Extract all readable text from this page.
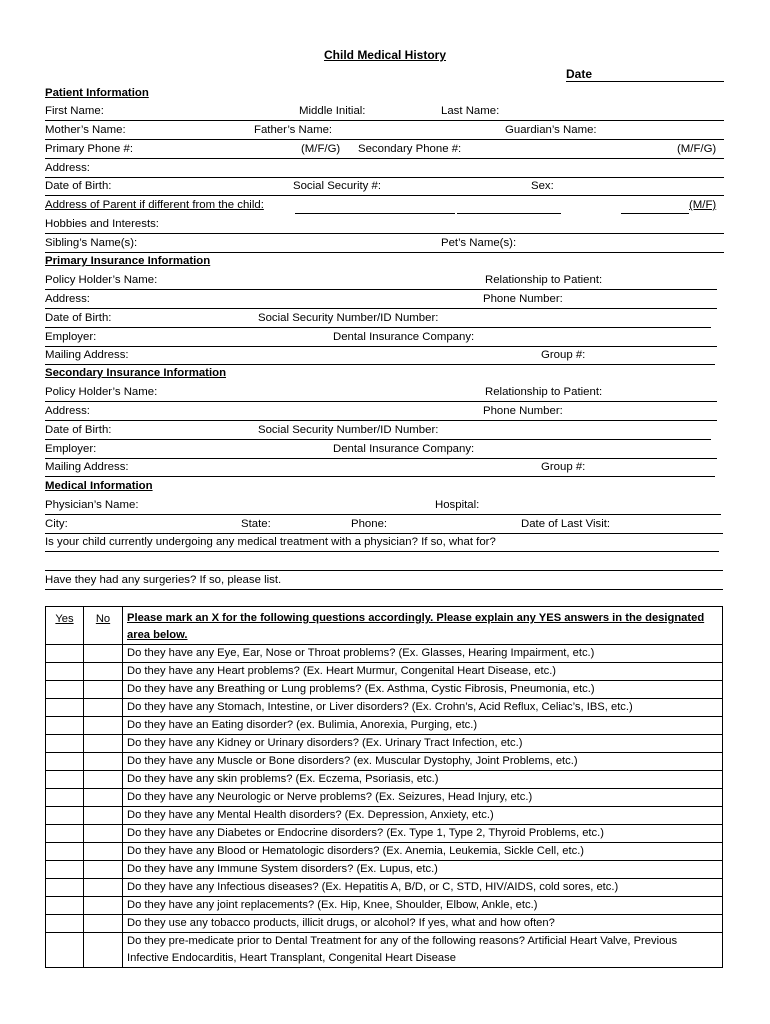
Child Medical History
Date
Patient Information
First Name:	Middle Initial:	Last Name:
Mother’s Name:	Father’s Name:	Guardian’s Name:
Primary Phone #:	(M/F/G) Secondary Phone #:	(M/F/G)
Address:
Date of Birth:	Social Security #:	Sex:
Address of Parent if different from the child:	(M/F)
Hobbies and Interests:
Sibling’s Name(s):	Pet’s Name(s):
Primary Insurance Information
Policy Holder’s Name:	Relationship to Patient:
Address:	Phone Number:
Date of Birth:	Social Security Number/ID Number:
Employer:	Dental Insurance Company:
Mailing Address:	Group #:
Secondary Insurance Information
Policy Holder’s Name:	Relationship to Patient:
Address:	Phone Number:
Date of Birth:	Social Security Number/ID Number:
Employer:	Dental Insurance Company:
Mailing Address:	Group #:
Medical Information
Physician’s Name:	Hospital:
City:	State:	Phone:	Date of Last Visit:
Is your child currently undergoing any medical treatment with a physician? If so, what for?
Have they had any surgeries? If so, please list.
Yes	No	Please mark an X for the following questions accordingly. Please explain any YES answers in the designated area below.

		Do they have any Eye, Ear, Nose or Throat problems? (Ex. Glasses, Hearing Impairment, etc.)
		Do they have any Heart problems? (Ex. Heart Murmur, Congenital Heart Disease, etc.)
		Do they have any Breathing or Lung problems? (Ex. Asthma, Cystic Fibrosis, Pneumonia, etc.)
		Do they have any Stomach, Intestine, or Liver disorders? (Ex. Crohn’s, Acid Reflux, Celiac’s, IBS, etc.)
		Do they have an Eating disorder? (ex. Bulimia, Anorexia, Purging, etc.)
		Do they have any Kidney or Urinary disorders? (Ex. Urinary Tract Infection, etc.)
		Do they have any Muscle or Bone disorders? (ex. Muscular Dystophy, Joint Problems, etc.)
		Do they have any skin problems? (Ex. Eczema, Psoriasis, etc.)
		Do they have any Neurologic or Nerve problems? (Ex. Seizures, Head Injury, etc.)
		Do they have any Mental Health disorders? (Ex. Depression, Anxiety, etc.)
		Do they have any Diabetes or Endocrine disorders? (Ex. Type 1, Type 2, Thyroid Problems, etc.)
		Do they have any Blood or Hematologic disorders? (Ex. Anemia, Leukemia, Sickle Cell, etc.)
		Do they have any Immune System disorders? (Ex. Lupus, etc.)
		Do they have any Infectious diseases? (Ex. Hepatitis A, B/D, or C, STD, HIV/AIDS, cold sores, etc.)
		Do they have any joint replacements? (Ex. Hip, Knee, Shoulder, Elbow, Ankle, etc.)
		Do they use any tobacco products, illicit drugs, or alcohol? If yes, what and how often?
		Do they pre-medicate prior to Dental Treatment for any of the following reasons? Artificial Heart Valve, Previous Infective Endocarditis, Heart Transplant, Congenital Heart Disease
